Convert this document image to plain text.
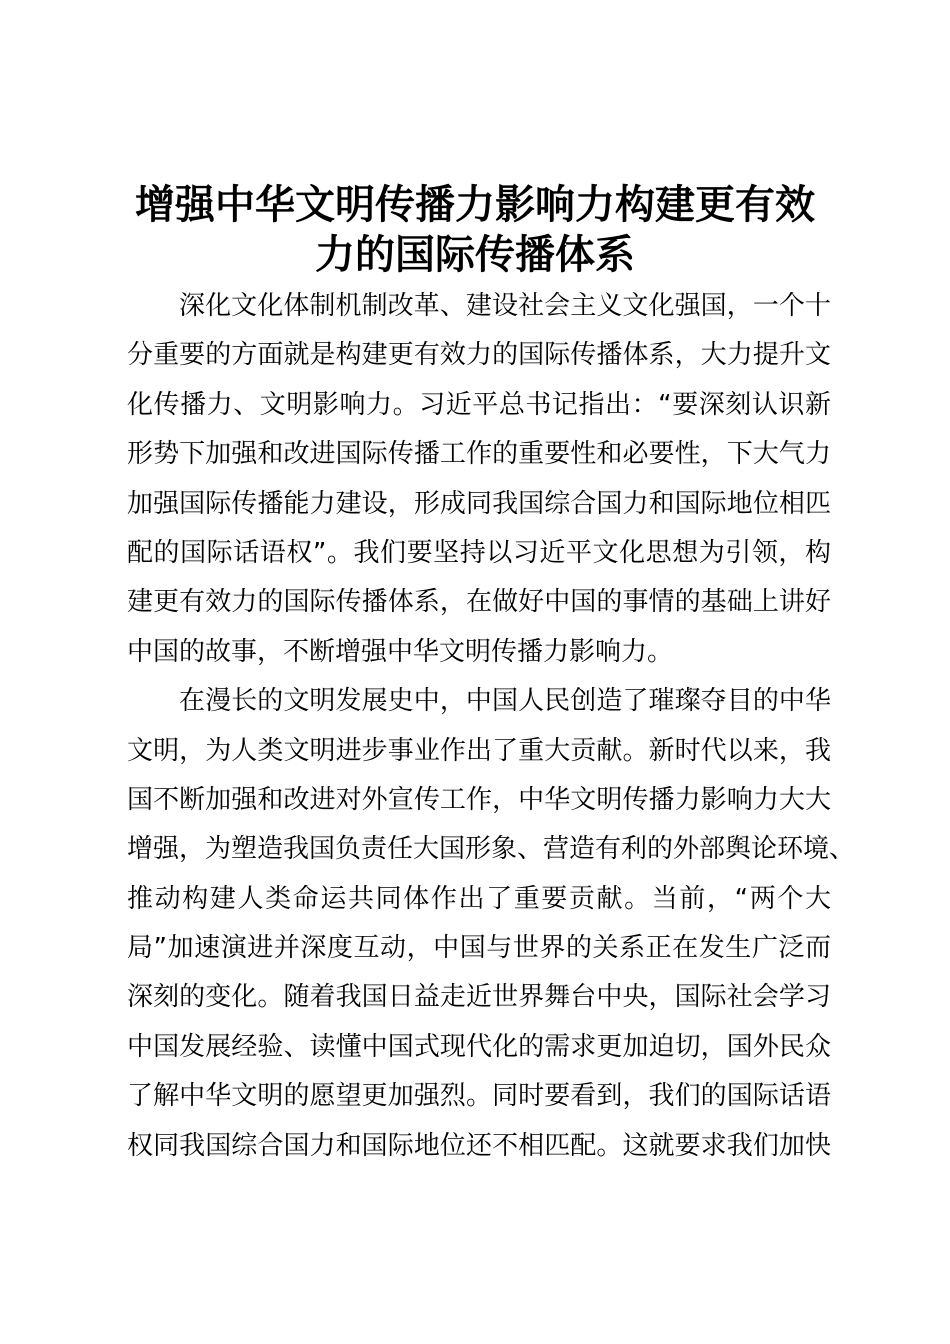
增强中华文明传播力影响力构建更有效
力的国际传播体系

深化文化体制机制改革、建设社会主义文化强国，一个十
分重要的方面就是构建更有效力的国际传播体系，大力提升文
化传播力、文明影响力。习近平总书记指出：“要深刻认识新
形势下加强和改进国际传播工作的重要性和必要性，下大气力
加强国际传播能力建设，形成同我国综合国力和国际地位相匹
配的国际话语权”。我们要坚持以习近平文化思想为引领，构
建更有效力的国际传播体系，在做好中国的事情的基础上讲好
中国的故事，不断增强中华文明传播力影响力。

在漫长的文明发展史中，中国人民创造了璀璨夺目的中华
文明，为人类文明进步事业作出了重大贡献。新时代以来，我
国不断加强和改进对外宣传工作，中华文明传播力影响力大大
增强，为塑造我国负责任大国形象、营造有利的外部舆论环境、
推动构建人类命运共同体作出了重要贡献。当前，“两个大
局”加速演进并深度互动，中国与世界的关系正在发生广泛而
深刻的变化。随着我国日益走近世界舞台中央，国际社会学习
中国发展经验、读懂中国式现代化的需求更加迫切，国外民众
了解中华文明的愿望更加强烈。同时要看到，我们的国际话语
权同我国综合国力和国际地位还不相匹配。这就要求我们加快
